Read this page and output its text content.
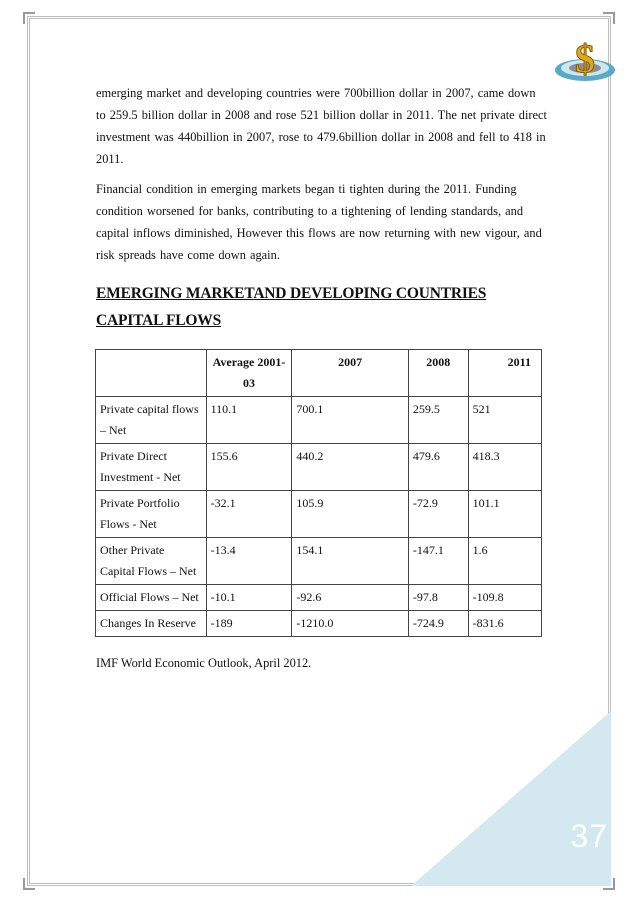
$

emerging market and developing countries were 700billion dollar in 2007, came down to 259.5 billion dollar in 2008 and rose 521 billion dollar in 2011. The net private direct investment was 440billion in 2007, rose to 479.6billion dollar in 2008 and fell to 418 in 2011.

Financial condition in emerging markets began ti tighten during the 2011. Funding condition worsened for banks, contributing to a tightening of lending standards, and capital inflows diminished, However this flows are now returning with new vigour, and risk spreads have come down again.

EMERGING MARKETAND DEVELOPING COUNTRIES CAPITAL FLOWS
	Average 2001-03	2007	2008	2011
Private capital flows – Net	110.1	700.1	259.5	521
Private Direct Investment - Net	155.6	440.2	479.6	418.3
Private Portfolio Flows - Net	-32.1	105.9	-72.9	101.1
Other Private Capital Flows – Net	-13.4	154.1	-147.1	1.6
Official Flows – Net	-10.1	-92.6	-97.8	-109.8
Changes In Reserve	-189	-1210.0	-724.9	-831.6
IMF World Economic Outlook, April 2012.
37
